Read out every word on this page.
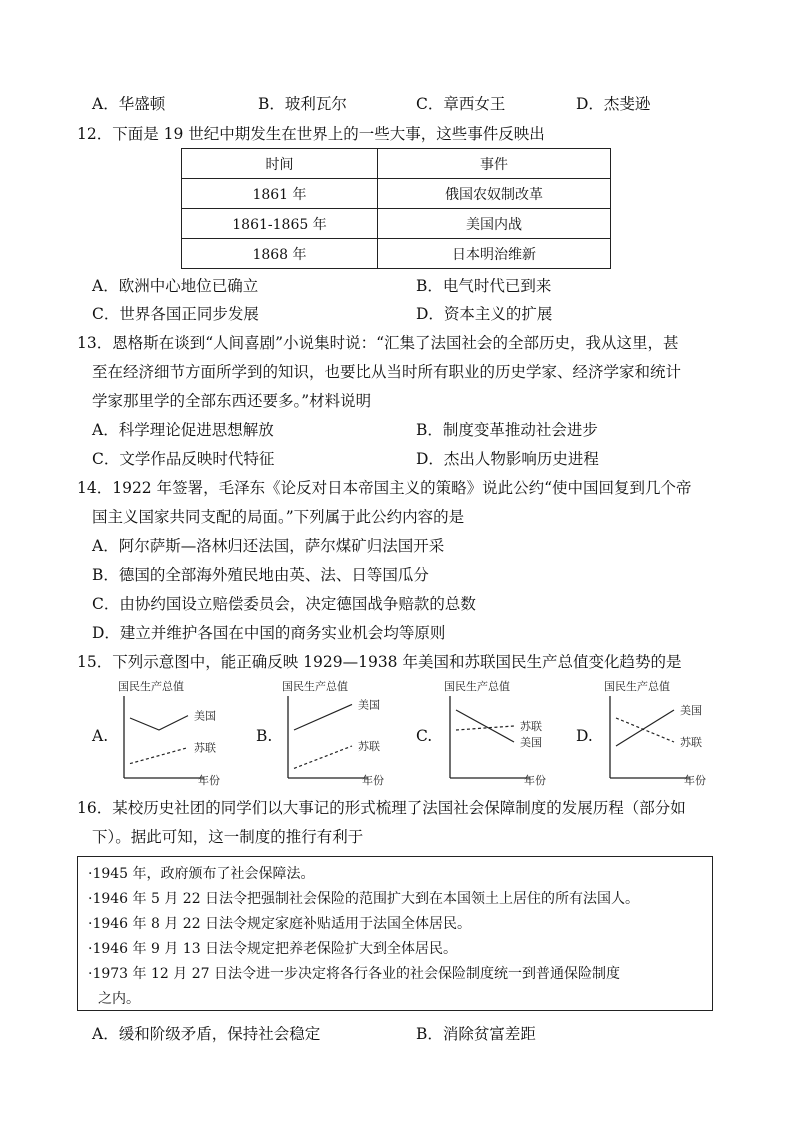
A．华盛顿	B．玻利瓦尔	C．章西女王	D．杰斐逊
12．下面是 19 世纪中期发生在世界上的一些大事，这些事件反映出
时间	事件
1861 年	俄国农奴制改革
1861-1865 年	美国内战
1868 年	日本明治维新
A．欧洲中心地位已确立	B．电气时代已到来
C．世界各国正同步发展	D．资本主义的扩展
13．恩格斯在谈到“人间喜剧”小说集时说：“汇集了法国社会的全部历史，我从这里，甚
至在经济细节方面所学到的知识，也要比从当时所有职业的历史学家、经济学家和统计
学家那里学的全部东西还要多。”材料说明
A．科学理论促进思想解放	B．制度变革推动社会进步
C．文学作品反映时代特征	D．杰出人物影响历史进程
14．1922 年签署，毛泽东《论反对日本帝国主义的策略》说此公约“使中国回复到几个帝
国主义国家共同支配的局面。”下列属于此公约内容的是
A．阿尔萨斯—洛林归还法国，萨尔煤矿归法国开采
B．德国的全部海外殖民地由英、法、日等国瓜分
C．由协约国设立赔偿委员会，决定德国战争赔款的总数
D．建立并维护各国在中国的商务实业机会均等原则
15．下列示意图中，能正确反映 1929—1938 年美国和苏联国民生产总值变化趋势的是
A.	B.	C.	D.
国民生产总值
年份
美国
苏联
国民生产总值
年份
美国
苏联
国民生产总值
年份
美国
苏联
国民生产总值
年份
美国
苏联
16．某校历史社团的同学们以大事记的形式梳理了法国社会保障制度的发展历程（部分如
下）。据此可知，这一制度的推行有利于
·1945 年，政府颁布了社会保障法。
·1946 年 5 月 22 日法令把强制社会保险的范围扩大到在本国领土上居住的所有法国人。
·1946 年 8 月 22 日法令规定家庭补贴适用于法国全体居民。
·1946 年 9 月 13 日法令规定把养老保险扩大到全体居民。
·1973 年 12 月 27 日法令进一步决定将各行各业的社会保险制度统一到普通保险制度
之内。
A．缓和阶级矛盾，保持社会稳定	B．消除贫富差距
